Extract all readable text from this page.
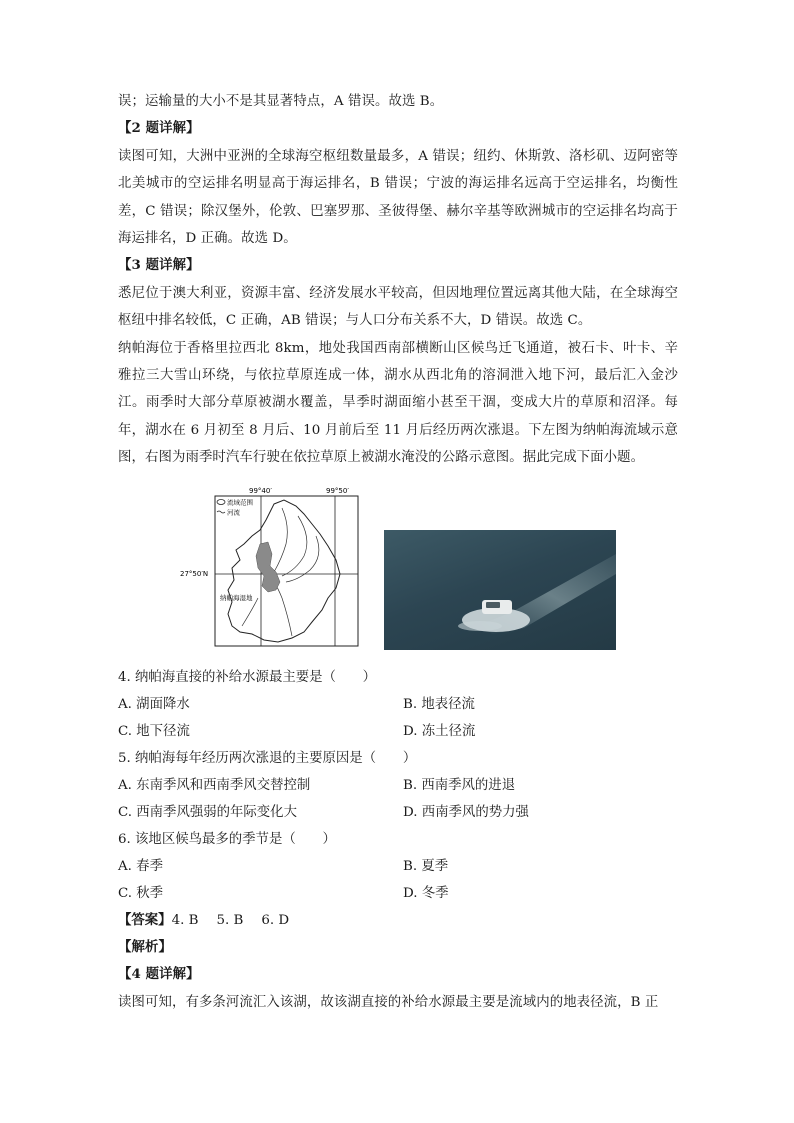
误；运输量的大小不是其显著特点，A 错误。故选 B。

【2 题详解】

读图可知，大洲中亚洲的全球海空枢纽数量最多，A 错误；纽约、休斯敦、洛杉矶、迈阿密等北美城市的空运排名明显高于海运排名，B 错误；宁波的海运排名远高于空运排名，均衡性差，C 错误；除汉堡外，伦敦、巴塞罗那、圣彼得堡、赫尔辛基等欧洲城市的空运排名均高于海运排名，D 正确。故选 D。

【3 题详解】

悉尼位于澳大利亚，资源丰富、经济发展水平较高，但因地理位置远离其他大陆，在全球海空枢纽中排名较低，C 正确，AB 错误；与人口分布关系不大，D 错误。故选 C。

纳帕海位于香格里拉西北 8km，地处我国西南部横断山区候鸟迁飞通道，被石卡、叶卡、辛雅拉三大雪山环绕，与依拉草原连成一体，湖水从西北角的溶洞泄入地下河，最后汇入金沙江。雨季时大部分草原被湖水覆盖，旱季时湖面缩小甚至干涸，变成大片的草原和沼泽。每年，湖水在 6 月初至 8 月后、10 月前后至 11 月后经历两次涨退。下左图为纳帕海流域示意图，右图为雨季时汽车行驶在依拉草原上被湖水淹没的公路示意图。据此完成下面小题。

99°40′	99°50′
27°50′N
流域范围
河流
纳帕海湿地

4. 纳帕海直接的补给水源最主要是（　　）

A. 湖面降水	B. 地表径流
C. 地下径流	D. 冻土径流

5. 纳帕海每年经历两次涨退的主要原因是（　　）

A. 东南季风和西南季风交替控制	B. 西南季风的进退
C. 西南季风强弱的年际变化大	D. 西南季风的势力强

6. 该地区候鸟最多的季节是（　　）

A. 春季	B. 夏季
C. 秋季	D. 冬季

【答案】4. B 5. B 6. D

【解析】

【4 题详解】

读图可知，有多条河流汇入该湖，故该湖直接的补给水源最主要是流域内的地表径流，B 正
